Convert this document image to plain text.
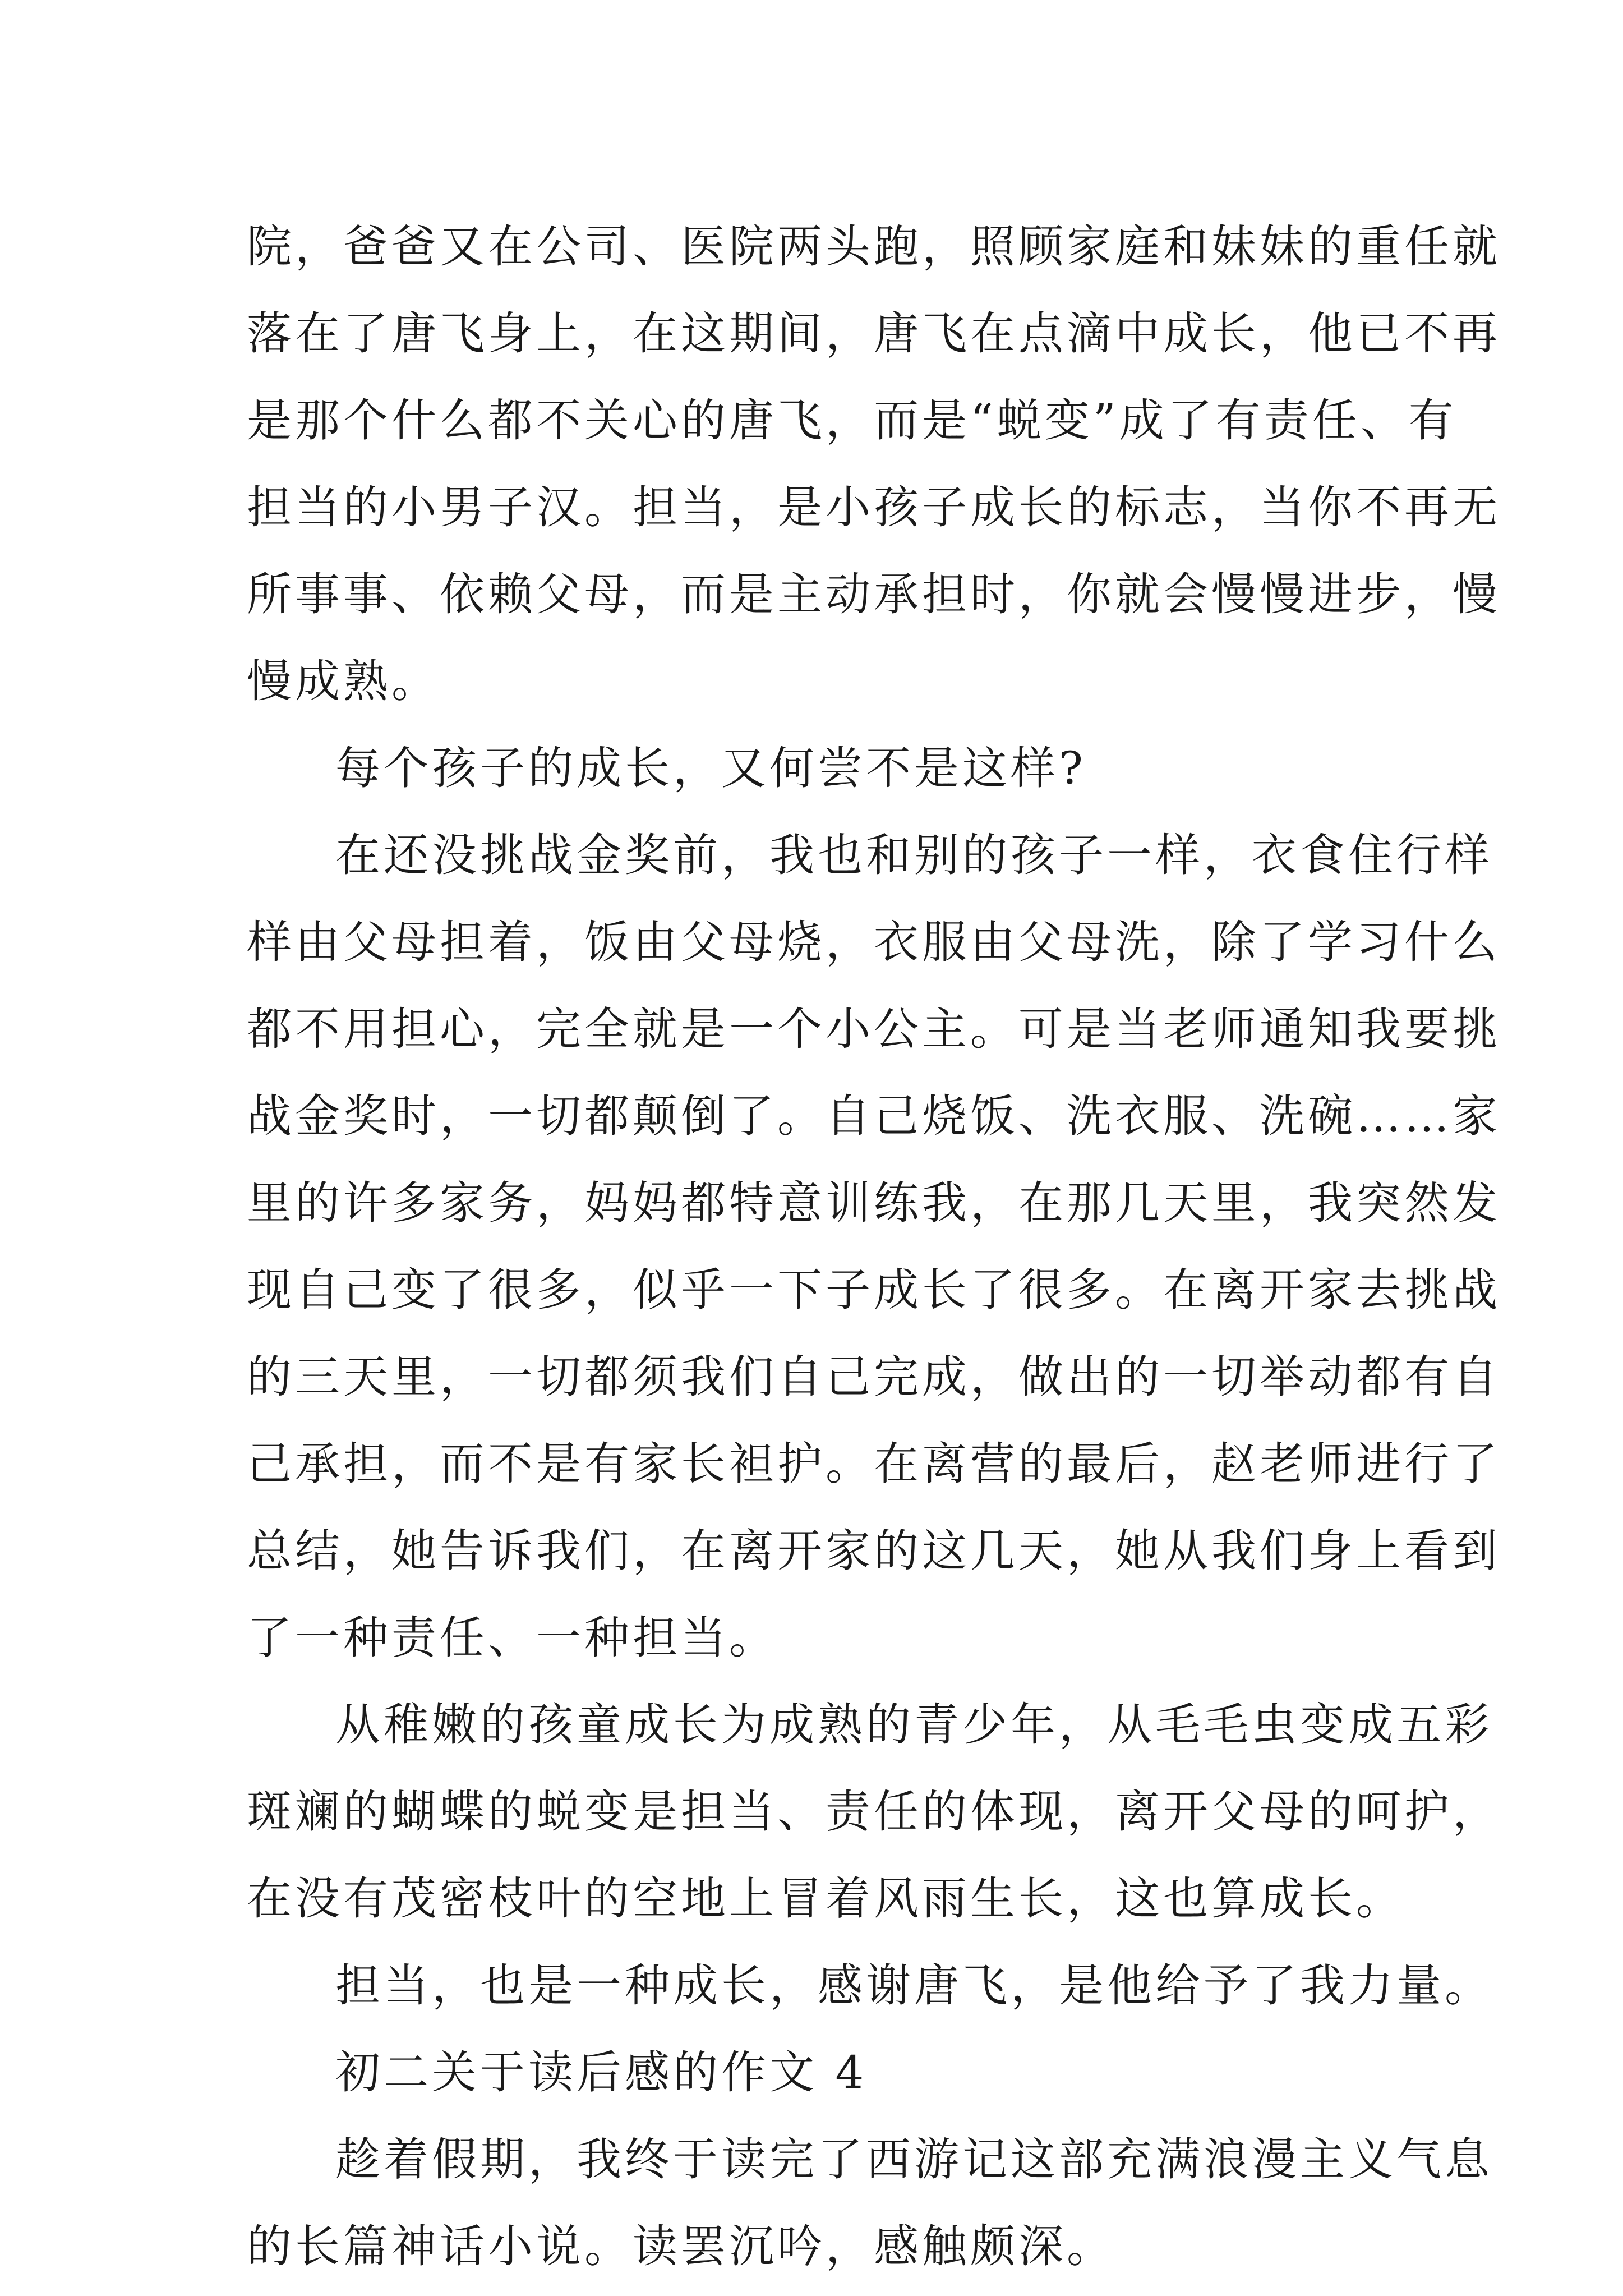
院，爸爸又在公司、医院两头跑，照顾家庭和妹妹的重任就
落在了唐飞身上，在这期间，唐飞在点滴中成长，他已不再
是那个什么都不关心的唐飞，而是“蜕变”成了有责任、有
担当的小男子汉。担当，是小孩子成长的标志，当你不再无
所事事、依赖父母，而是主动承担时，你就会慢慢进步，慢
慢成熟。
每个孩子的成长，又何尝不是这样?
在还没挑战金奖前，我也和别的孩子一样，衣食住行样
样由父母担着，饭由父母烧，衣服由父母洗，除了学习什么
都不用担心，完全就是一个小公主。可是当老师通知我要挑
战金奖时，一切都颠倒了。自己烧饭、洗衣服、洗碗……家
里的许多家务，妈妈都特意训练我，在那几天里，我突然发
现自己变了很多，似乎一下子成长了很多。在离开家去挑战
的三天里，一切都须我们自己完成，做出的一切举动都有自
己承担，而不是有家长袒护。在离营的最后，赵老师进行了
总结，她告诉我们，在离开家的这几天，她从我们身上看到
了一种责任、一种担当。
从稚嫩的孩童成长为成熟的青少年，从毛毛虫变成五彩
斑斓的蝴蝶的蜕变是担当、责任的体现，离开父母的呵护，
在没有茂密枝叶的空地上冒着风雨生长，这也算成长。
担当，也是一种成长，感谢唐飞，是他给予了我力量。
初二关于读后感的作文 4
趁着假期，我终于读完了西游记这部充满浪漫主义气息
的长篇神话小说。读罢沉吟，感触颇深。
